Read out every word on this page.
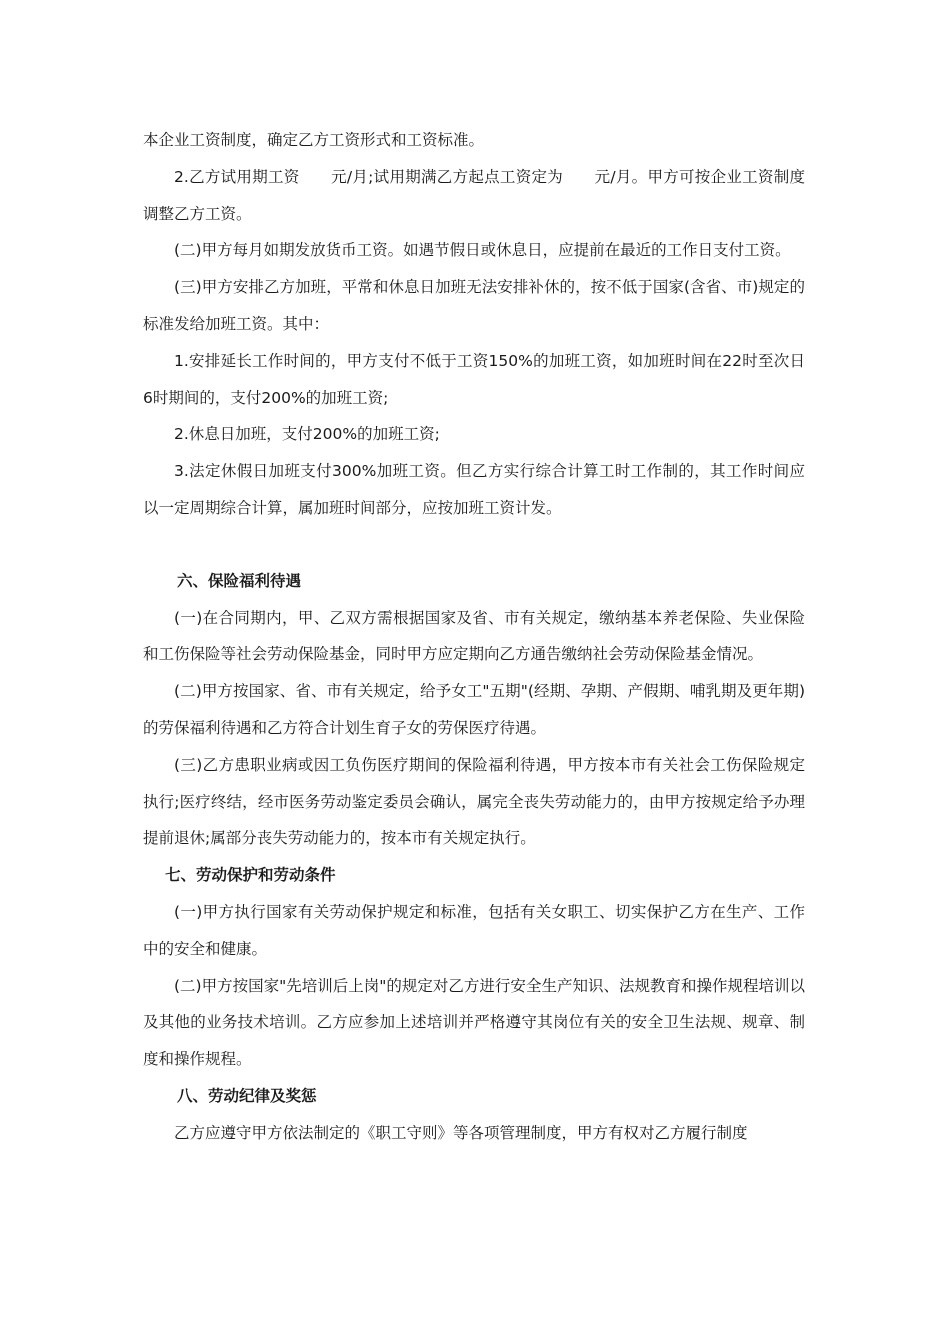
本企业工资制度，确定乙方工资形式和工资标准。

2.乙方试用期工资　　元/月;试用期满乙方起点工资定为　　元/月。甲方可按企业工资制度调整乙方工资。

(二)甲方每月如期发放货币工资。如遇节假日或休息日，应提前在最近的工作日支付工资。

(三)甲方安排乙方加班，平常和休息日加班无法安排补休的，按不低于国家(含省、市)规定的标准发给加班工资。其中：

1.安排延长工作时间的，甲方支付不低于工资150%的加班工资，如加班时间在22时至次日6时期间的，支付200%的加班工资;

2.休息日加班，支付200%的加班工资;

3.法定休假日加班支付300%加班工资。但乙方实行综合计算工时工作制的，其工作时间应以一定周期综合计算，属加班时间部分，应按加班工资计发。

六、保险福利待遇

(一)在合同期内，甲、乙双方需根据国家及省、市有关规定，缴纳基本养老保险、失业保险和工伤保险等社会劳动保险基金，同时甲方应定期向乙方通告缴纳社会劳动保险基金情况。

(二)甲方按国家、省、市有关规定，给予女工"五期"(经期、孕期、产假期、哺乳期及更年期)的劳保福利待遇和乙方符合计划生育子女的劳保医疗待遇。

(三)乙方患职业病或因工负伤医疗期间的保险福利待遇，甲方按本市有关社会工伤保险规定执行;医疗终结，经市医务劳动鉴定委员会确认，属完全丧失劳动能力的，由甲方按规定给予办理提前退休;属部分丧失劳动能力的，按本市有关规定执行。

七、劳动保护和劳动条件

(一)甲方执行国家有关劳动保护规定和标准，包括有关女职工、切实保护乙方在生产、工作中的安全和健康。

(二)甲方按国家"先培训后上岗"的规定对乙方进行安全生产知识、法规教育和操作规程培训以及其他的业务技术培训。乙方应参加上述培训并严格遵守其岗位有关的安全卫生法规、规章、制度和操作规程。

八、劳动纪律及奖惩

乙方应遵守甲方依法制定的《职工守则》等各项管理制度，甲方有权对乙方履行制度
